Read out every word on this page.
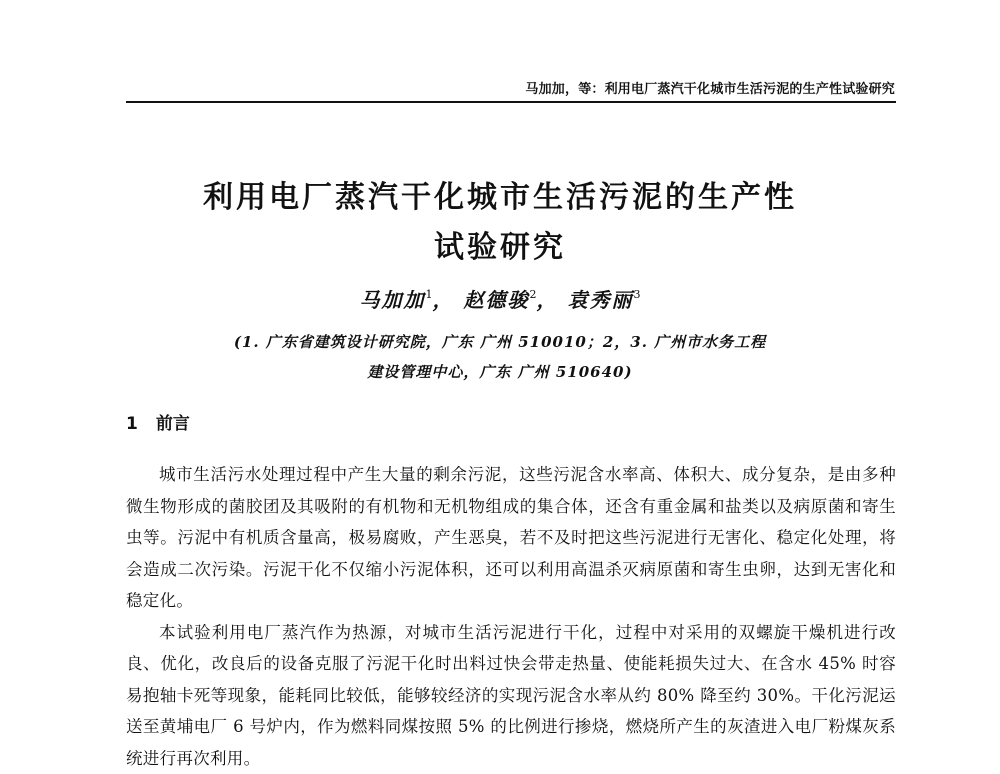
马加加，等：利用电厂蒸汽干化城市生活污泥的生产性试验研究
利用电厂蒸汽干化城市生活污泥的生产性
试验研究
马加加$^1$， 赵德骏$^2$， 袁秀丽$^3$
(1. 广东省建筑设计研究院，广东 广州 510010；2，3. 广州市水务工程
建设管理中心，广东 广州 510640)
1 前言

城市生活污水处理过程中产生大量的剩余污泥，这些污泥含水率高、体积大、成分复杂，是由多种微生物形成的菌胶团及其吸附的有机物和无机物组成的集合体，还含有重金属和盐类以及病原菌和寄生虫等。污泥中有机质含量高，极易腐败，产生恶臭，若不及时把这些污泥进行无害化、稳定化处理，将会造成二次污染。污泥干化不仅缩小污泥体积，还可以利用高温杀灭病原菌和寄生虫卵，达到无害化和稳定化。

本试验利用电厂蒸汽作为热源，对城市生活污泥进行干化，过程中对采用的双螺旋干燥机进行改良、优化，改良后的设备克服了污泥干化时出料过快会带走热量、使能耗损失过大、在含水 45% 时容易抱轴卡死等现象，能耗同比较低，能够较经济的实现污泥含水率从约 80% 降至约 30%。干化污泥运送至黄埔电厂 6 号炉内，作为燃料同煤按照 5% 的比例进行掺烧，燃烧所产生的灰渣进入电厂粉煤灰系统进行再次利用。
